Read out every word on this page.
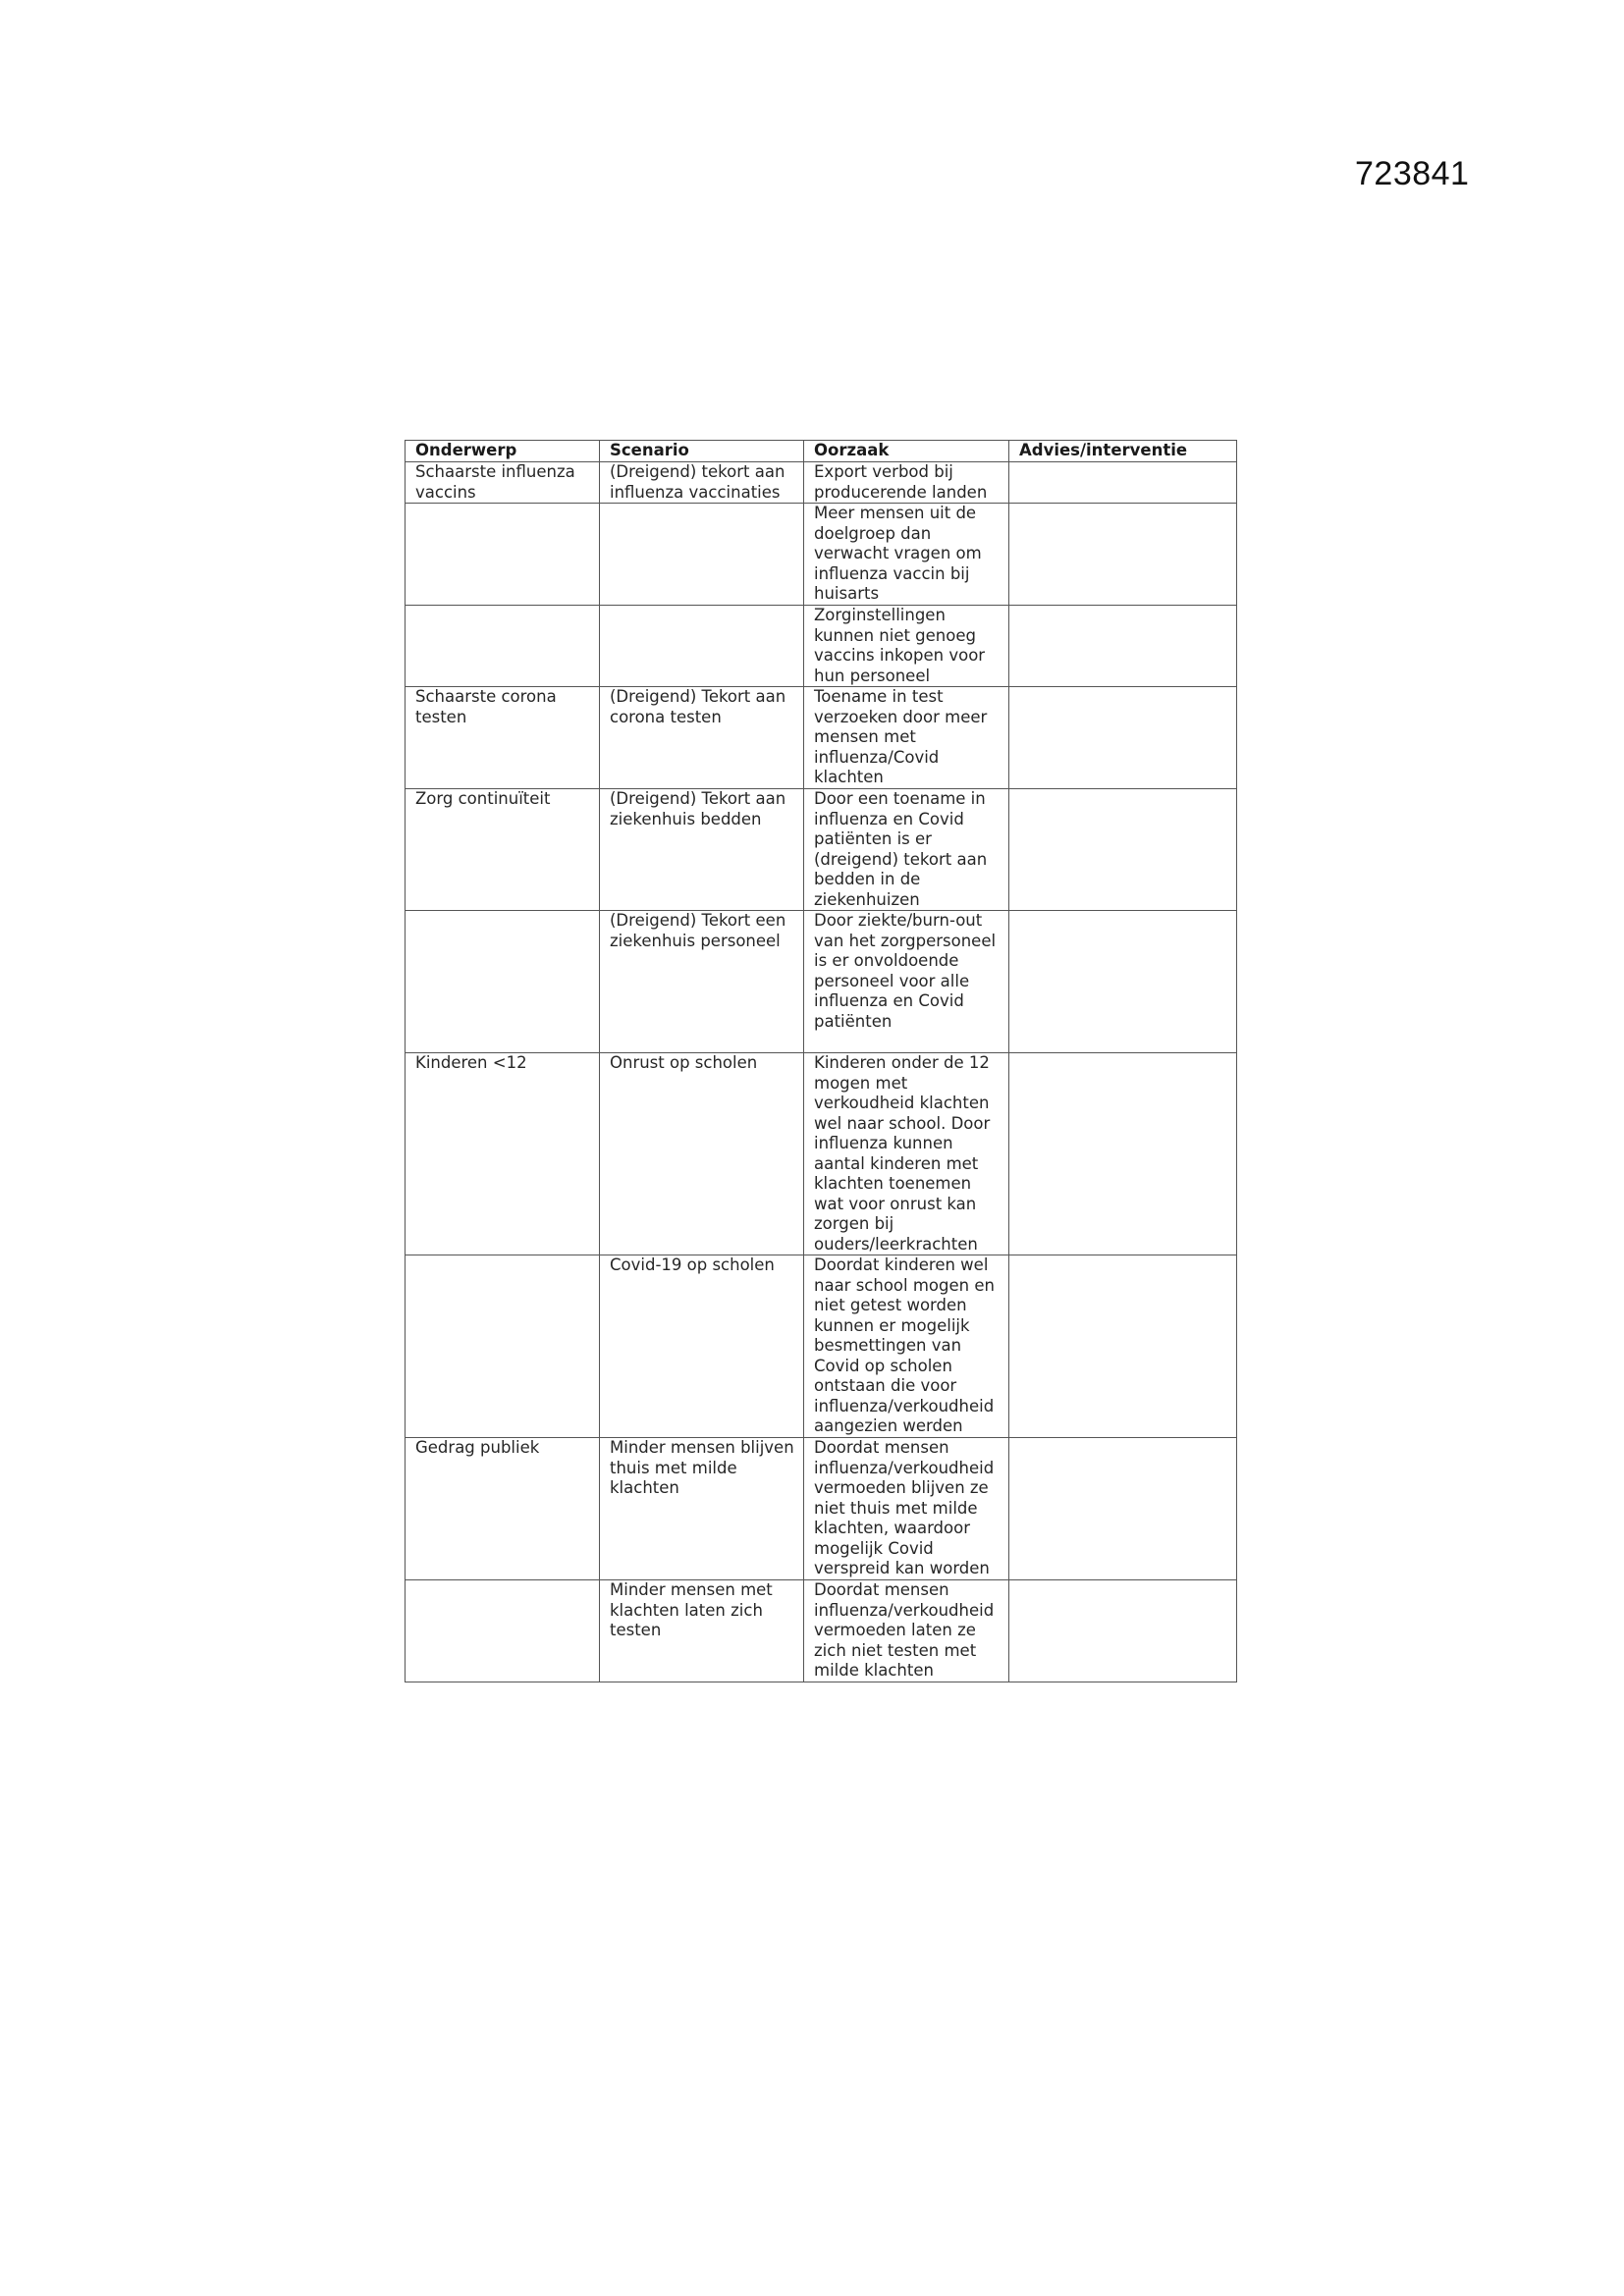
723841
Onderwerp	Scenario	Oorzaak	Advies/interventie
Schaarste influenza vaccins	(Dreigend) tekort aan influenza vaccinaties	Export verbod bij producerende landen	
		Meer mensen uit de doelgroep dan verwacht vragen om influenza vaccin bij huisarts	
		Zorginstellingen kunnen niet genoeg vaccins inkopen voor hun personeel	
Schaarste corona testen	(Dreigend) Tekort aan corona testen	Toename in test verzoeken door meer mensen met influenza/Covid klachten	
Zorg continuïteit	(Dreigend) Tekort aan ziekenhuis bedden	Door een toename in influenza en Covid patiënten is er (dreigend) tekort aan bedden in de ziekenhuizen	
	(Dreigend) Tekort een ziekenhuis personeel	Door ziekte/burn-out van het zorgpersoneel is er onvoldoende personeel voor alle influenza en Covid patiënten	
Kinderen <12	Onrust op scholen	Kinderen onder de 12 mogen met verkoudheid klachten wel naar school. Door influenza kunnen aantal kinderen met klachten toenemen wat voor onrust kan zorgen bij ouders/leerkrachten	
	Covid-19 op scholen	Doordat kinderen wel naar school mogen en niet getest worden kunnen er mogelijk besmettingen van Covid op scholen ontstaan die voor influenza/verkoudheid aangezien werden	
Gedrag publiek	Minder mensen blijven thuis met milde klachten	Doordat mensen influenza/verkoudheid vermoeden blijven ze niet thuis met milde klachten, waardoor mogelijk Covid verspreid kan worden	
	Minder mensen met klachten laten zich testen	Doordat mensen influenza/verkoudheid vermoeden laten ze zich niet testen met milde klachten	
